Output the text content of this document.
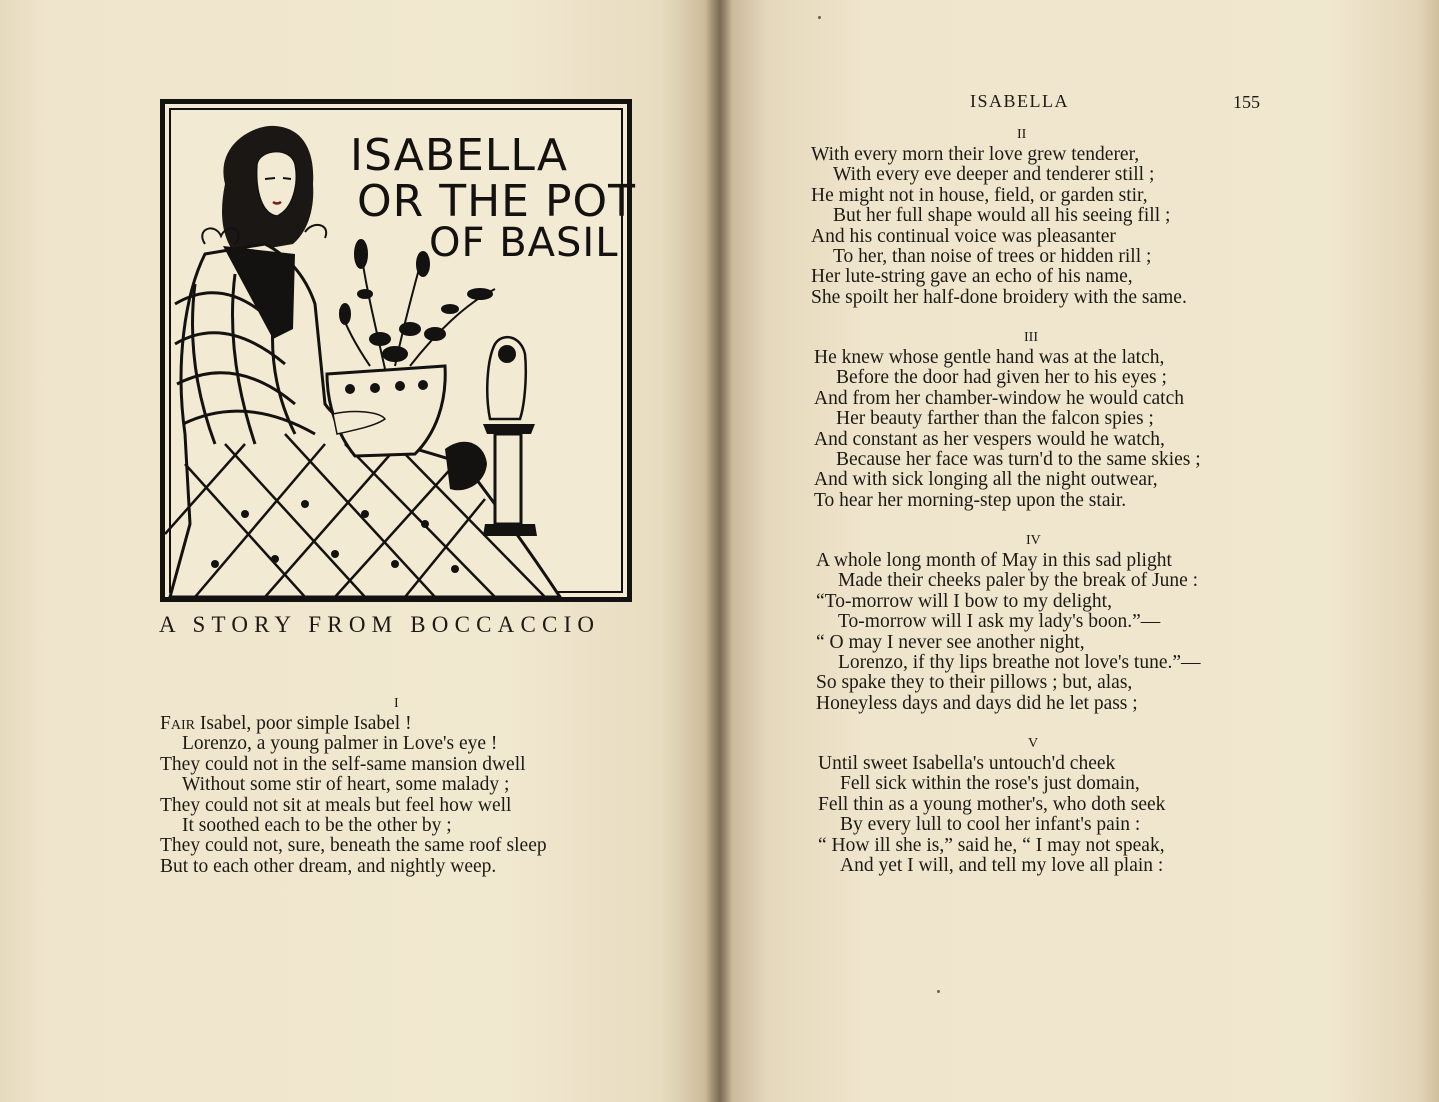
ISABELLA
OR THE POT
OF BASIL
A STORY FROM BOCCACCIO
I
Fair Isabel, poor simple Isabel !
Lorenzo, a young palmer in Love's eye !
They could not in the self-same mansion dwell
Without some stir of heart, some malady ;
They could not sit at meals but feel how well
It soothed each to be the other by ;
They could not, sure, beneath the same roof sleep
But to each other dream, and nightly weep.
ISABELLA	155
II
With every morn their love grew tenderer,
With every eve deeper and tenderer still ;
He might not in house, field, or garden stir,
But her full shape would all his seeing fill ;
And his continual voice was pleasanter
To her, than noise of trees or hidden rill ;
Her lute-string gave an echo of his name,
She spoilt her half-done broidery with the same.
III
He knew whose gentle hand was at the latch,
Before the door had given her to his eyes ;
And from her chamber-window he would catch
Her beauty farther than the falcon spies ;
And constant as her vespers would he watch,
Because her face was turn'd to the same skies ;
And with sick longing all the night outwear,
To hear her morning-step upon the stair.
IV
A whole long month of May in this sad plight
Made their cheeks paler by the break of June :
“To-morrow will I bow to my delight,
To-morrow will I ask my lady's boon.”—
“ O may I never see another night,
Lorenzo, if thy lips breathe not love's tune.”—
So spake they to their pillows ; but, alas,
Honeyless days and days did he let pass ;
V
Until sweet Isabella's untouch'd cheek
Fell sick within the rose's just domain,
Fell thin as a young mother's, who doth seek
By every lull to cool her infant's pain :
“ How ill she is,” said he, “ I may not speak,
And yet I will, and tell my love all plain :
